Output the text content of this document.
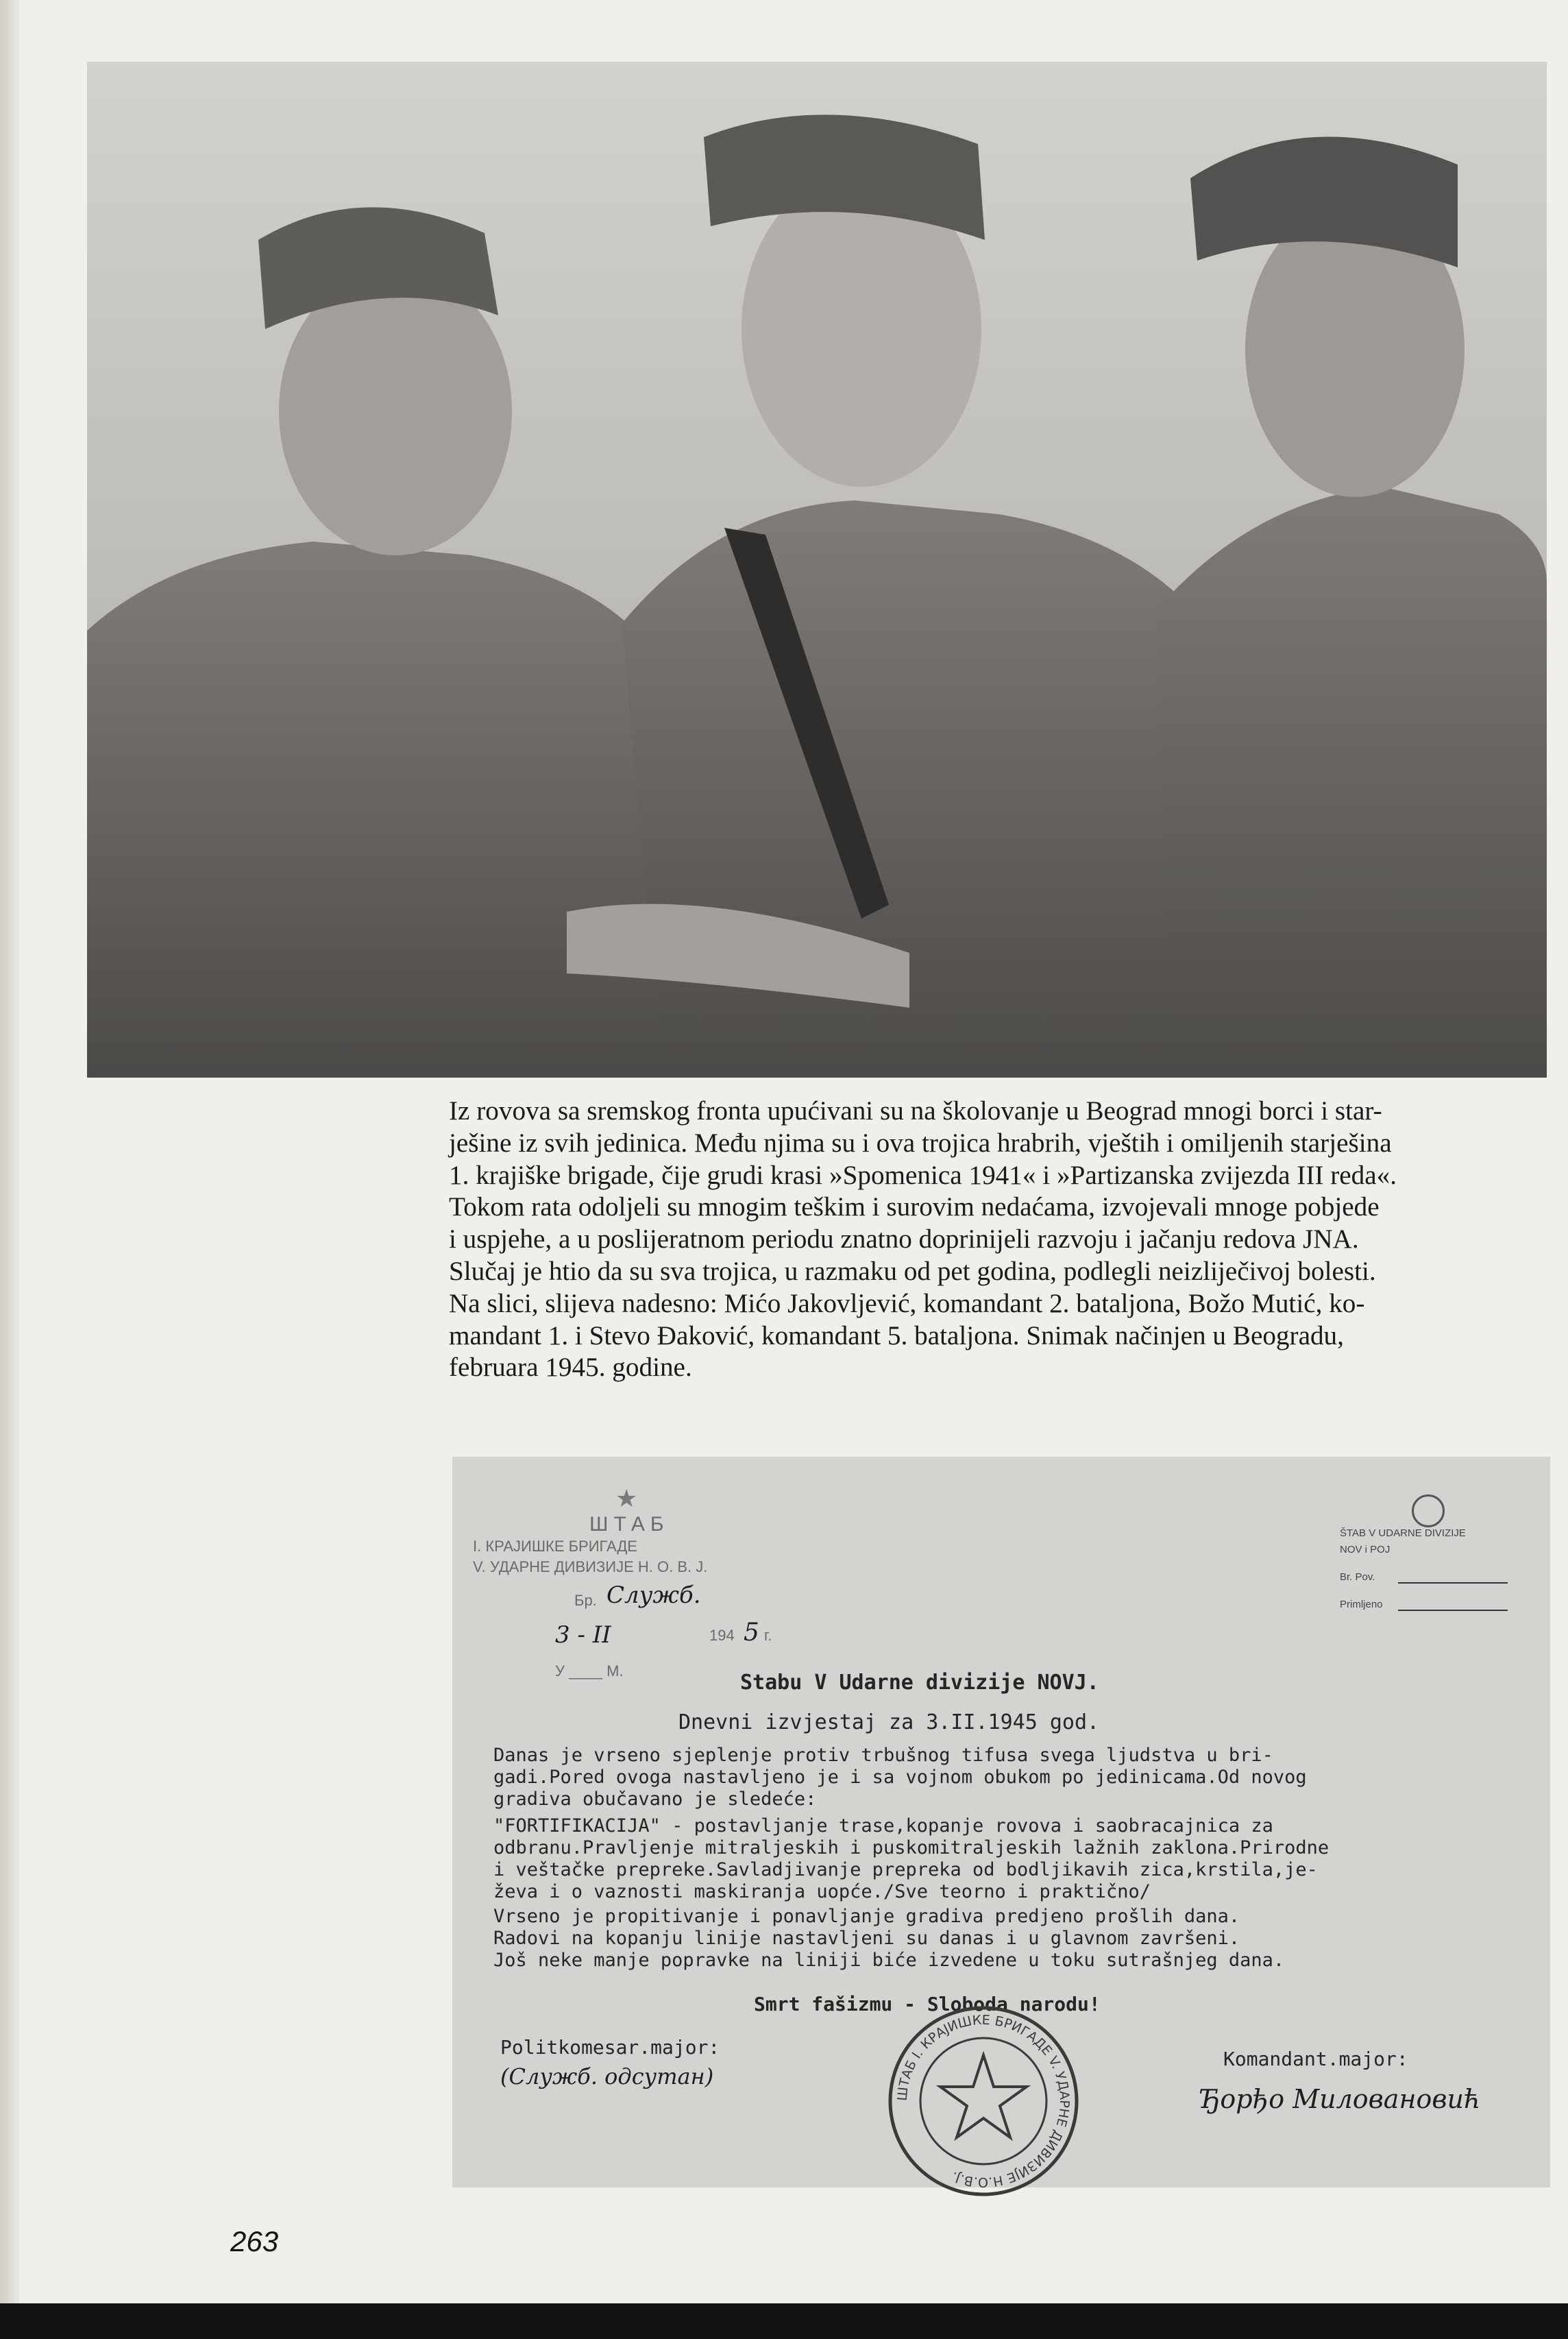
Iz rovova sa sremskog fronta upućivani su na školovanje u Beograd mnogi borci i star-
ješine iz svih jedinica. Među njima su i ova trojica hrabrih, vještih i omiljenih starješina
1. krajiške brigade, čije grudi krasi »Spomenica 1941« i »Partizanska zvijezda III reda«.
Tokom rata odoljeli su mnogim teškim i surovim nedaćama, izvojevali mnoge pobjede
i uspjehe, a u poslijeratnom periodu znatno doprinijeli razvoju i jačanju redova JNA.
Slučaj je htio da su sva trojica, u razmaku od pet godina, podlegli neizliječivoj bolesti.
Na slici, slijeva nadesno: Mićo Jakovljević, komandant 2. bataljona, Božo Mutić, ko-
mandant 1. i Stevo Đaković, komandant 5. bataljona. Snimak načinjen u Beogradu,
februara 1945. godine.
★
ШТАБ
I. КРАЈИШКЕ БРИГАДЕ
V. УДАРНЕ ДИВИЗИЈЕ Н. О. В. Ј.
Бр. Служб.
3 - II	194 5 г.
У ____ М.
ŠTAB V UDARNE DIVIZIJE
NOV i POJ
Br. Pov.
Primljeno
Stabu V Udarne divizije NOVJ.
Dnevni izvjestaj za 3.II.1945 god.
Danas je vrseno sjeplenje protiv trbušnog tifusa svega ljudstva u bri-
gadi.Pored ovoga nastavljeno je i sa vojnom obukom po jedinicama.Od novog
gradiva obučavano je sledeće:
"FORTIFIKACIJA" - postavljanje trase,kopanje rovova i saobracajnica za
odbranu.Pravljenje mitraljeskih i puskomitraljeskih lažnih zaklona.Prirodne
i veštačke prepreke.Savladjivanje prepreka od bodljikavih zica,krstila,je-
ževa i o vaznosti maskiranja uopće./Sve teorno i praktično/
Vrseno je propitivanje i ponavljanje gradiva predjeno prošlih dana.
Radovi na kopanju linije nastavljeni su danas i u glavnom završeni.
Još neke manje popravke na liniji biće izvedene u toku sutrašnjeg dana.
Smrt fašizmu - Sloboda narodu!
Politkomesar.major:
(Служб. одсутан)
Komandant.major:
Ђорђо Миловановић
ШТАБ I. КРАЈИШКЕ БРИГАДЕ V. УДАРНЕ ДИВИЗИЈЕ Н.О.В.Ј.
263
